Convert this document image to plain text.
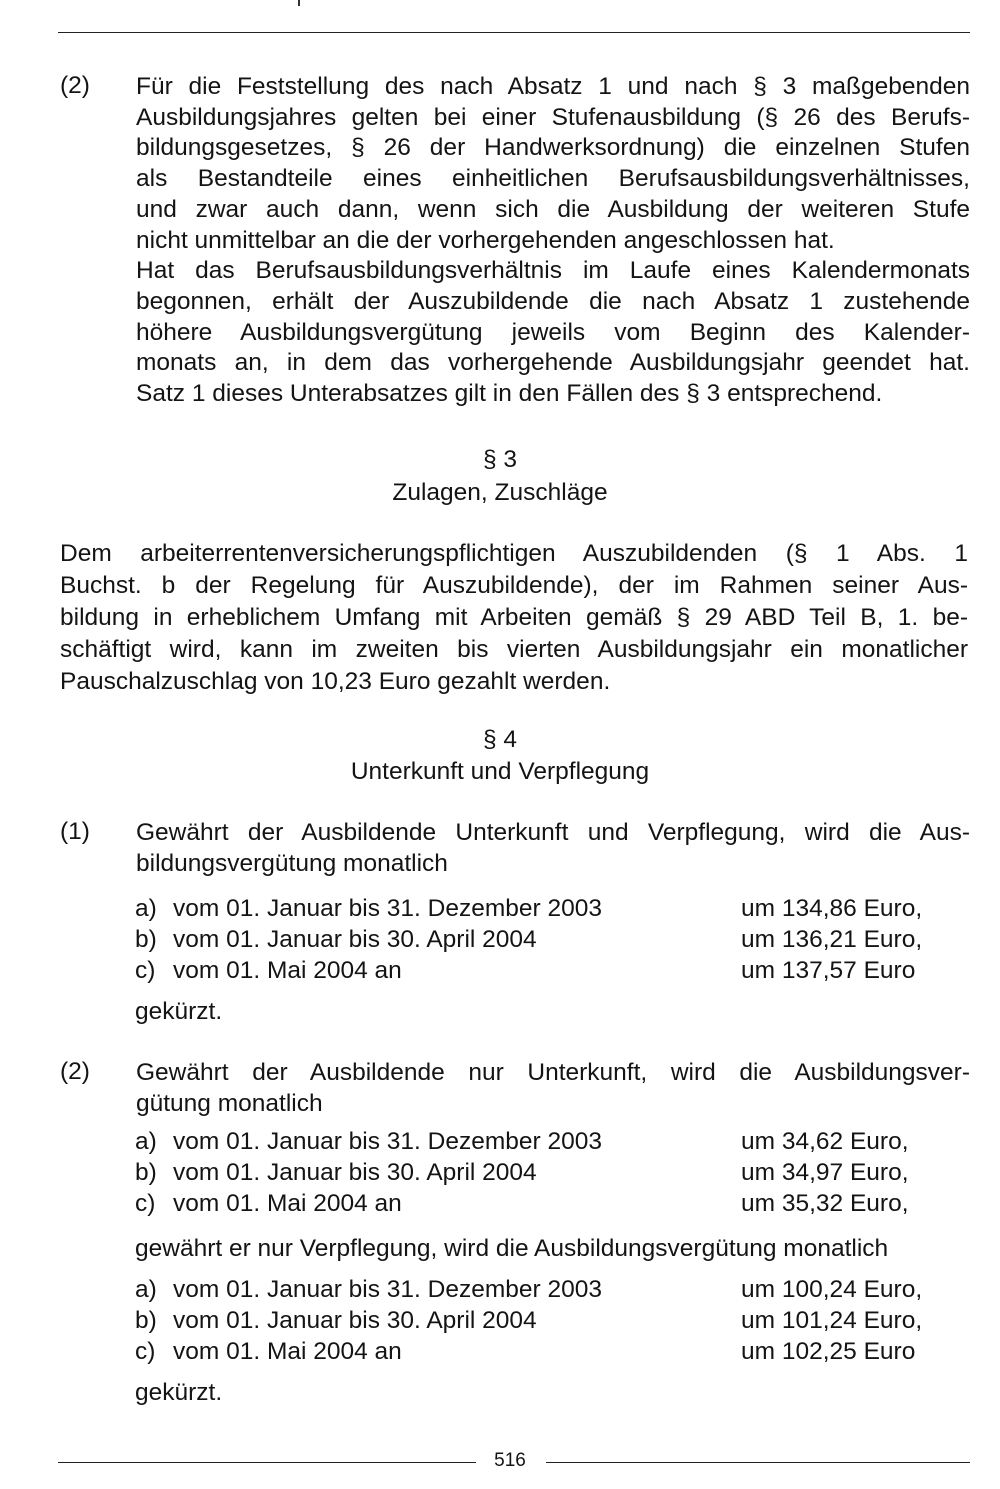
(2) Für die Feststellung des nach Absatz 1 und nach § 3 maßgebenden
Ausbildungsjahres gelten bei einer Stufenausbildung (§ 26 des Berufs-
bildungsgesetzes, § 26 der Handwerksordnung) die einzelnen Stufen
als Bestandteile eines einheitlichen Berufsausbildungsverhältnisses,
und zwar auch dann, wenn sich die Ausbildung der weiteren Stufe
nicht unmittelbar an die der vorhergehenden angeschlossen hat.
Hat das Berufsausbildungsverhältnis im Laufe eines Kalendermonats
begonnen, erhält der Auszubildende die nach Absatz 1 zustehende
höhere Ausbildungsvergütung jeweils vom Beginn des Kalender-
monats an, in dem das vorhergehende Ausbildungsjahr geendet hat.
Satz 1 dieses Unterabsatzes gilt in den Fällen des § 3 entsprechend.
§ 3
Zulagen, Zuschläge
Dem arbeiterrentenversicherungspflichtigen Auszubildenden (§ 1 Abs. 1
Buchst. b der Regelung für Auszubildende), der im Rahmen seiner Aus-
bildung in erheblichem Umfang mit Arbeiten gemäß § 29 ABD Teil B, 1. be-
schäftigt wird, kann im zweiten bis vierten Ausbildungsjahr ein monatlicher
Pauschalzuschlag von 10,23 Euro gezahlt werden.
§ 4
Unterkunft und Verpflegung
(1) Gewährt der Ausbildende Unterkunft und Verpflegung, wird die Aus-
bildungsvergütung monatlich
a) vom 01. Januar bis 31. Dezember 2003	um 134,86 Euro,
b) vom 01. Januar bis 30. April 2004	um 136,21 Euro,
c) vom 01. Mai 2004 an	um 137,57 Euro
gekürzt.
(2) Gewährt der Ausbildende nur Unterkunft, wird die Ausbildungsver-
gütung monatlich
a) vom 01. Januar bis 31. Dezember 2003	um 34,62 Euro,
b) vom 01. Januar bis 30. April 2004	um 34,97 Euro,
c) vom 01. Mai 2004 an	um 35,32 Euro,
gewährt er nur Verpflegung, wird die Ausbildungsvergütung monatlich
a) vom 01. Januar bis 31. Dezember 2003	um 100,24 Euro,
b) vom 01. Januar bis 30. April 2004	um 101,24 Euro,
c) vom 01. Mai 2004 an	um 102,25 Euro
gekürzt.
516
